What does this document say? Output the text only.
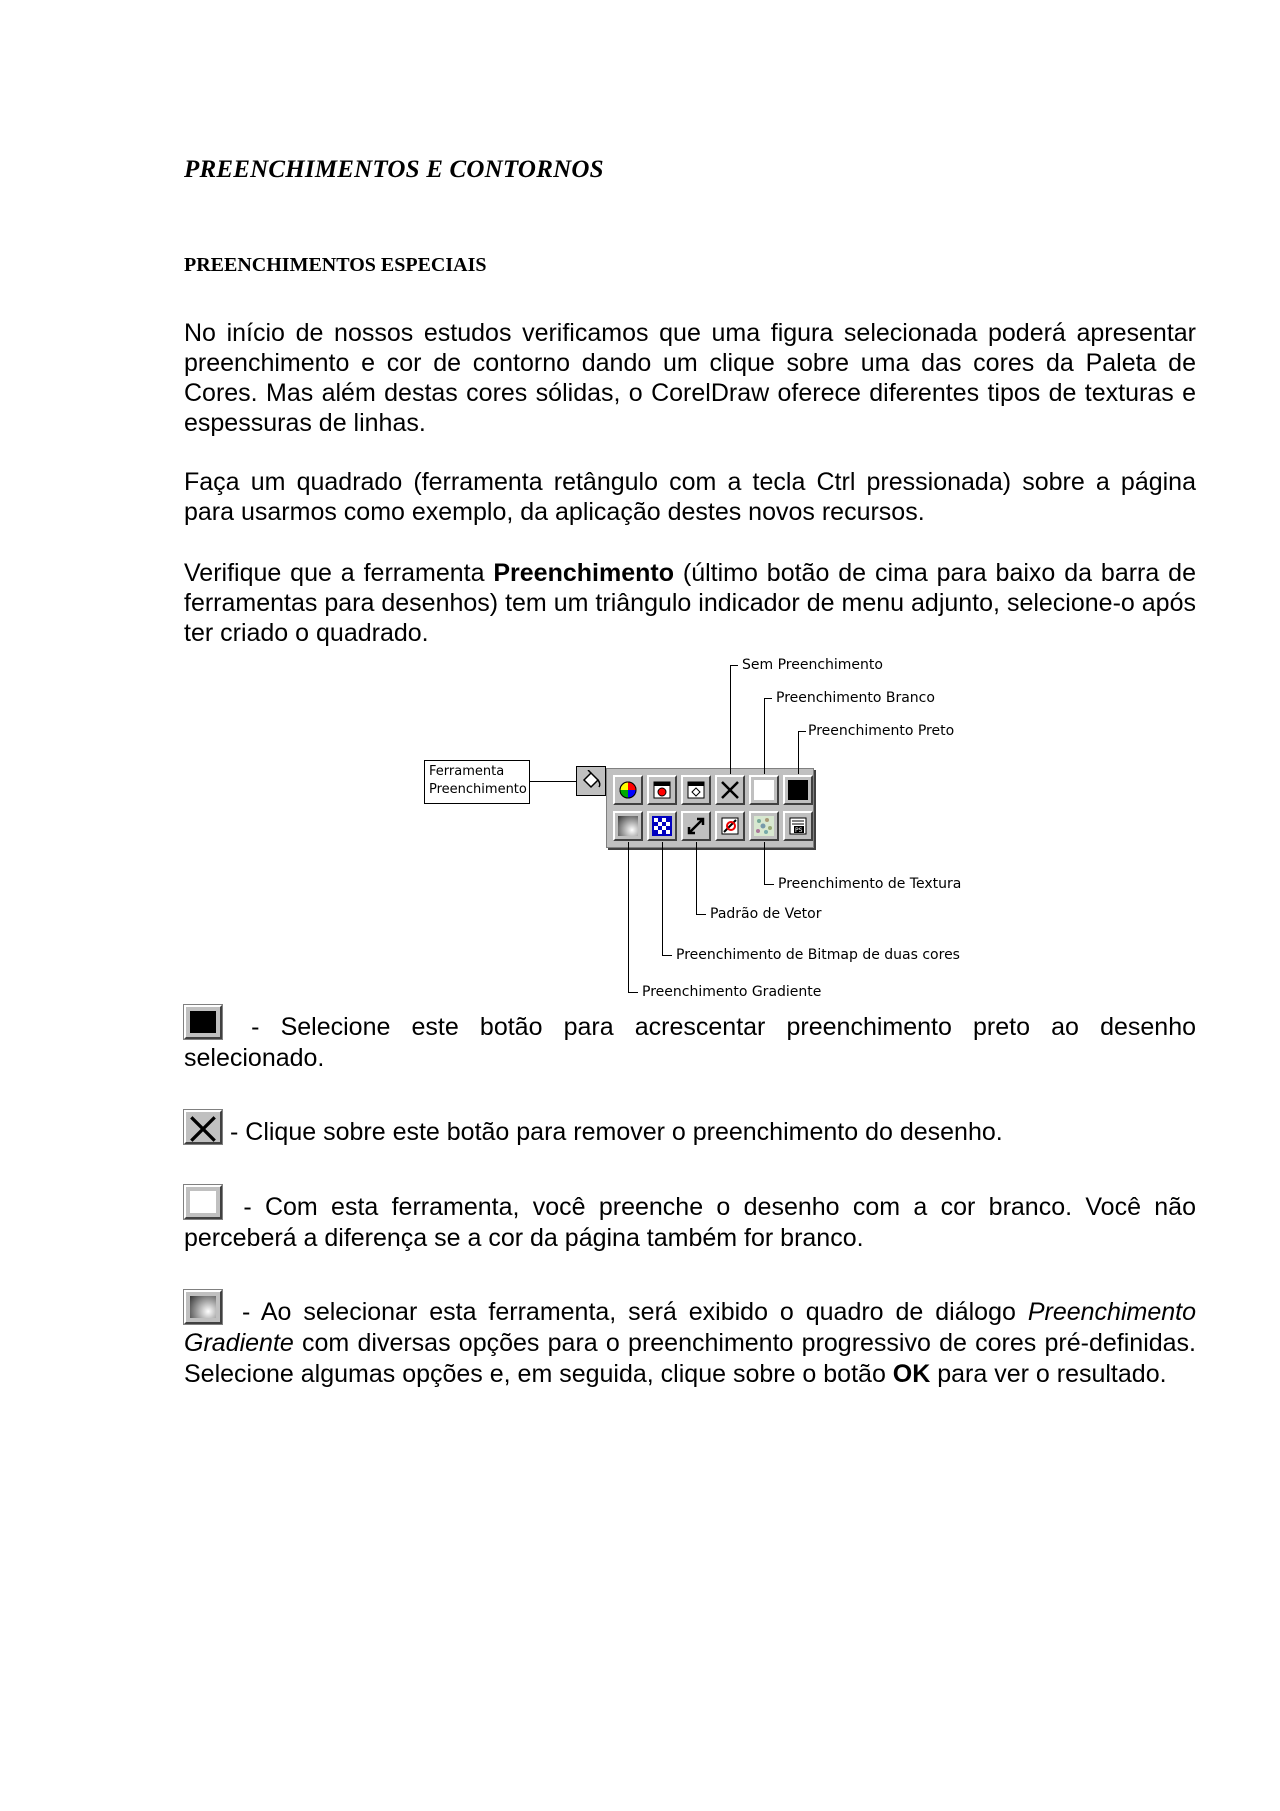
PREENCHIMENTOS E CONTORNOS
PREENCHIMENTOS ESPECIAIS
No início de nossos estudos verificamos que uma figura selecionada poderá apresentar preenchimento e cor de contorno dando um clique sobre uma das cores da Paleta de Cores. Mas além destas cores sólidas, o CorelDraw oferece diferentes tipos de texturas e espessuras de linhas.
Faça um quadrado (ferramenta retângulo com a tecla Ctrl pressionada) sobre a página para usarmos como exemplo, da aplicação destes novos recursos.
Verifique que a ferramenta Preenchimento (último botão de cima para baixo da barra de ferramentas para desenhos) tem um triângulo indicador de menu adjunto, selecione-o após ter criado o quadrado.
Ferramenta
Preenchimento
PS
Sem Preenchimento
Preenchimento Branco
Preenchimento Preto
Preenchimento de Textura
Padrão de Vetor
Preenchimento de Bitmap de duas cores
Preenchimento Gradiente
- Selecione este botão para acrescentar preenchimento preto ao desenho selecionado.
- Clique sobre este botão para remover o preenchimento do desenho.
- Com esta ferramenta, você preenche o desenho com a cor branco. Você não perceberá a diferença se a cor da página também for branco.
- Ao selecionar esta ferramenta, será exibido o quadro de diálogo Preenchimento Gradiente com diversas opções para o preenchimento progressivo de cores pré-definidas. Selecione algumas opções e, em seguida, clique sobre o botão OK para ver o resultado.
